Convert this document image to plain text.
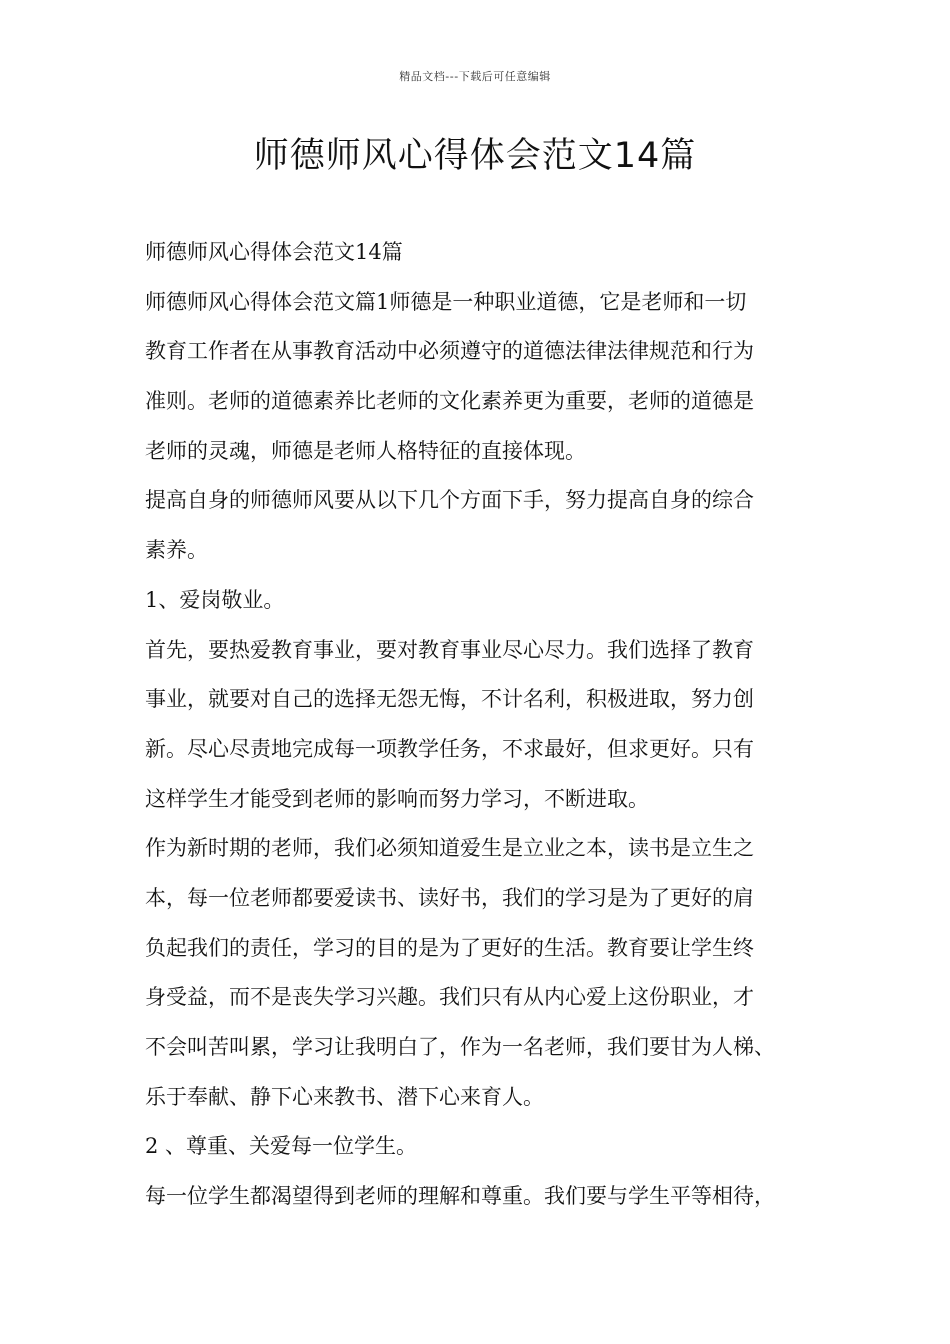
精品文档---下载后可任意编辑
师德师风心得体会范文14篇
师德师风心得体会范文14篇
师德师风心得体会范文篇1师德是一种职业道德，它是老师和一切
教育工作者在从事教育活动中必须遵守的道德法律法律规范和行为
准则。老师的道德素养比老师的文化素养更为重要，老师的道德是
老师的灵魂，师德是老师人格特征的直接体现。
提高自身的师德师风要从以下几个方面下手，努力提高自身的综合
素养。
1、爱岗敬业。
首先，要热爱教育事业，要对教育事业尽心尽力。我们选择了教育
事业，就要对自己的选择无怨无悔，不计名利，积极进取，努力创
新。尽心尽责地完成每一项教学任务，不求最好，但求更好。只有
这样学生才能受到老师的影响而努力学习，不断进取。
作为新时期的老师，我们必须知道爱生是立业之本，读书是立生之
本，每一位老师都要爱读书、读好书，我们的学习是为了更好的肩
负起我们的责任，学习的目的是为了更好的生活。教育要让学生终
身受益，而不是丧失学习兴趣。我们只有从内心爱上这份职业，才
不会叫苦叫累，学习让我明白了，作为一名老师，我们要甘为人梯、
乐于奉献、静下心来教书、潜下心来育人。
2 、尊重、关爱每一位学生。
每一位学生都渴望得到老师的理解和尊重。我们要与学生平等相待，
